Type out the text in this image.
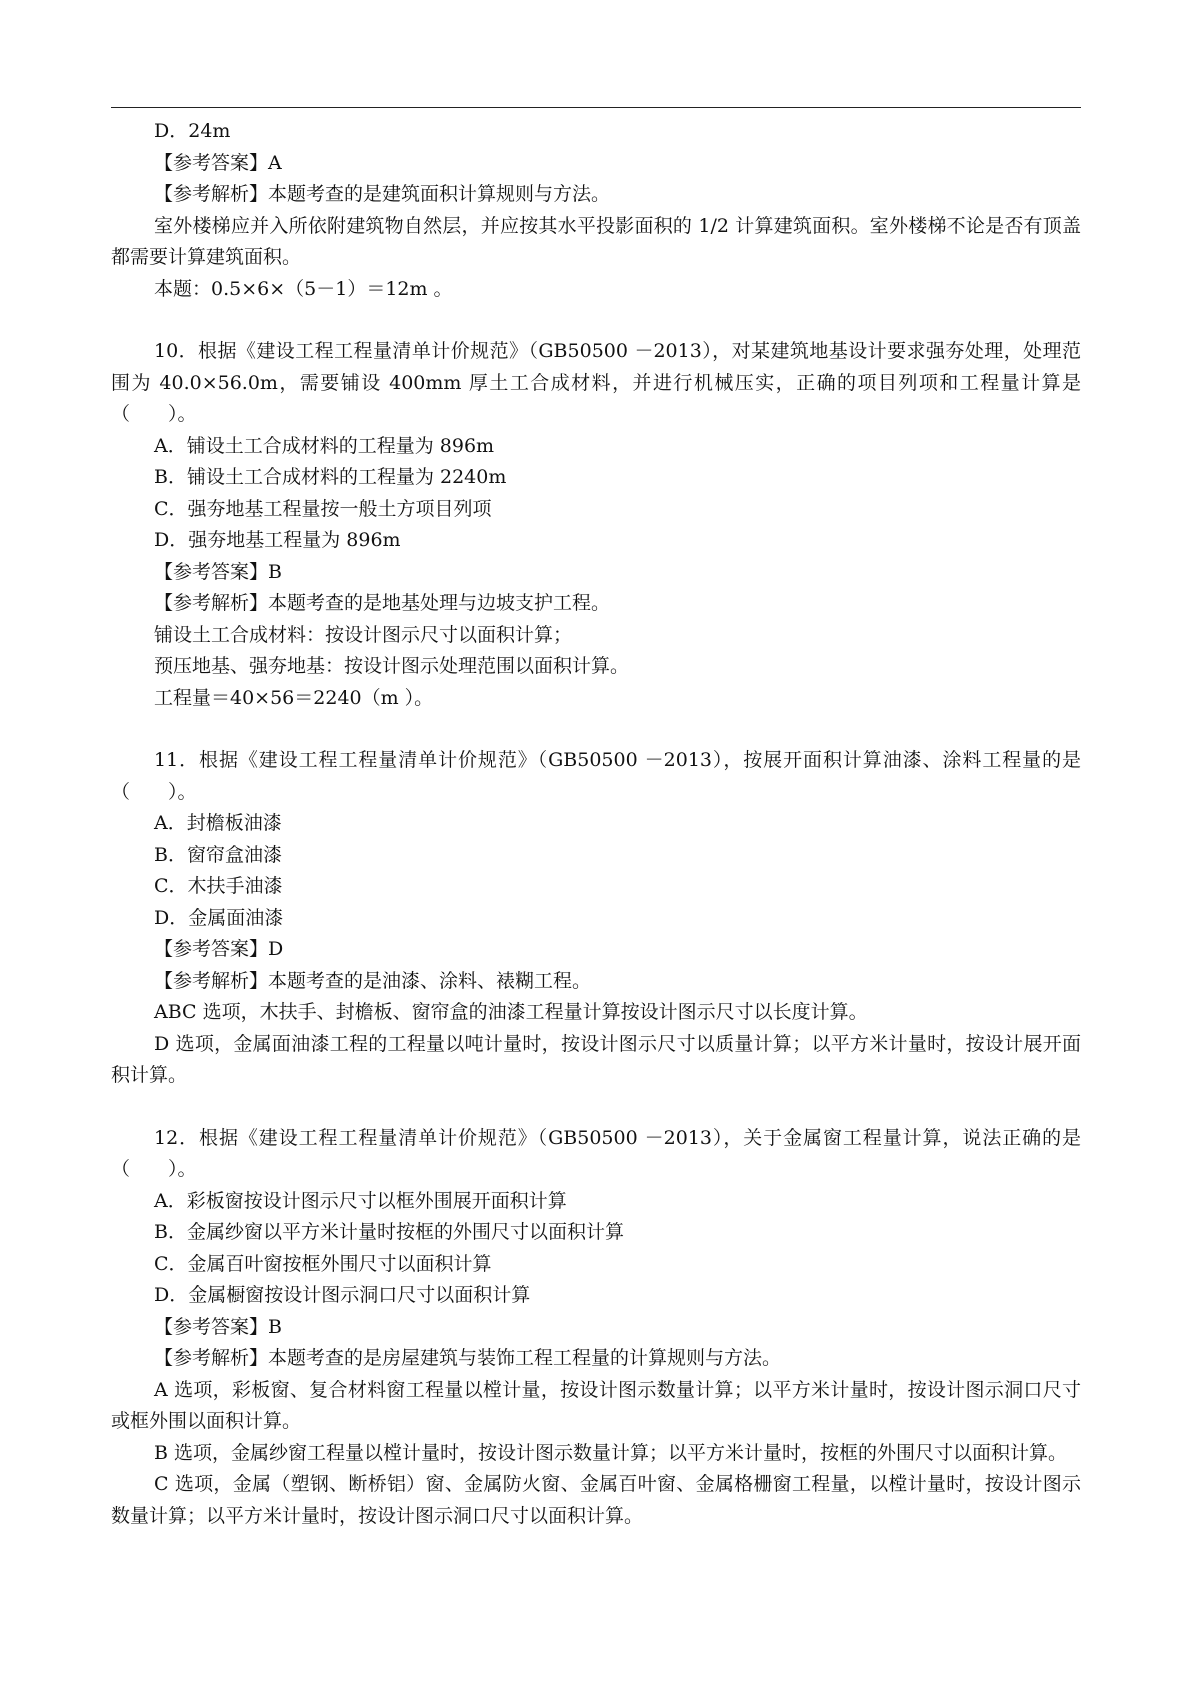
D．24m
【参考答案】A
【参考解析】本题考查的是建筑面积计算规则与方法。
室外楼梯应并入所依附建筑物自然层，并应按其水平投影面积的 1/2 计算建筑面积。室外楼梯不论是否有顶盖都需要计算建筑面积。
本题：0.5×6×（5－1）＝12m 。
10．根据《建设工程工程量清单计价规范》（GB50500 －2013），对某建筑地基设计要求强夯处理，处理范围为 40.0×56.0m，需要铺设 400mm 厚土工合成材料，并进行机械压实，正确的项目列项和工程量计算是（　　）。
A．铺设土工合成材料的工程量为 896m
B．铺设土工合成材料的工程量为 2240m
C．强夯地基工程量按一般土方项目列项
D．强夯地基工程量为 896m
【参考答案】B
【参考解析】本题考查的是地基处理与边坡支护工程。
铺设土工合成材料：按设计图示尺寸以面积计算；
预压地基、强夯地基：按设计图示处理范围以面积计算。
工程量＝40×56＝2240（m ）。
11．根据《建设工程工程量清单计价规范》（GB50500 －2013），按展开面积计算油漆、涂料工程量的是（　　）。
A．封檐板油漆
B．窗帘盒油漆
C．木扶手油漆
D．金属面油漆
【参考答案】D
【参考解析】本题考查的是油漆、涂料、裱糊工程。
ABC 选项，木扶手、封檐板、窗帘盒的油漆工程量计算按设计图示尺寸以长度计算。
D 选项，金属面油漆工程的工程量以吨计量时，按设计图示尺寸以质量计算；以平方米计量时，按设计展开面积计算。
12．根据《建设工程工程量清单计价规范》（GB50500 －2013），关于金属窗工程量计算，说法正确的是（　　）。
A．彩板窗按设计图示尺寸以框外围展开面积计算
B．金属纱窗以平方米计量时按框的外围尺寸以面积计算
C．金属百叶窗按框外围尺寸以面积计算
D．金属橱窗按设计图示洞口尺寸以面积计算
【参考答案】B
【参考解析】本题考查的是房屋建筑与装饰工程工程量的计算规则与方法。
A 选项，彩板窗、复合材料窗工程量以樘计量，按设计图示数量计算；以平方米计量时，按设计图示洞口尺寸或框外围以面积计算。
B 选项，金属纱窗工程量以樘计量时，按设计图示数量计算；以平方米计量时，按框的外围尺寸以面积计算。
C 选项，金属（塑钢、断桥铝）窗、金属防火窗、金属百叶窗、金属格栅窗工程量，以樘计量时，按设计图示数量计算；以平方米计量时，按设计图示洞口尺寸以面积计算。
